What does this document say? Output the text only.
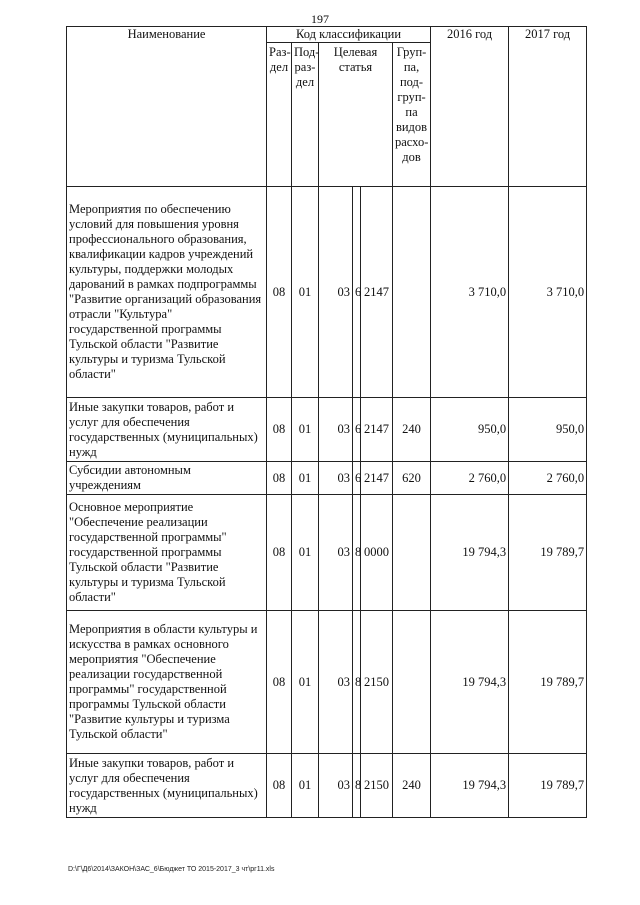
197
Наименование	Код классификации						2016 год	2017 год
	Раз-дел	Под-раз-дел	Целевая статья			Груп-па, под-груп-па видов расхо-дов		
Мероприятия по обеспечению условий для повышения уровня профессионального образования, квалификации кадров учреждений культуры, поддержки молодых дарований в рамках подпрограммы "Развитие организаций образования отрасли "Культура" государственной программы Тульской области "Развитие культуры и туризма Тульской области"	08	01	03	6	2147		3 710,0	3 710,0
Иные закупки товаров, работ и услуг для обеспечения государственных (муниципальных) нужд	08	01	03	6	2147	240	950,0	950,0
Субсидии автономным учреждениям	08	01	03	6	2147	620	2 760,0	2 760,0
Основное мероприятие "Обеспечение реализации государственной программы" государственной программы Тульской области "Развитие культуры и туризма Тульской области"	08	01	03	8	0000		19 794,3	19 789,7
Мероприятия в области культуры и искусства в рамках основного мероприятия "Обеспечение реализации государственной программы" государственной программы Тульской области "Развитие культуры и туризма Тульской области"	08	01	03	8	2150		19 794,3	19 789,7
Иные закупки товаров, работ и услуг для обеспечения государственных (муниципальных) нужд	08	01	03	8	2150	240	19 794,3	19 789,7
D:\Г\Д6\2014\ЗАКОН\ЗАС_6\Бюджет ТО 2015-2017_3 чт\рг11.xls
